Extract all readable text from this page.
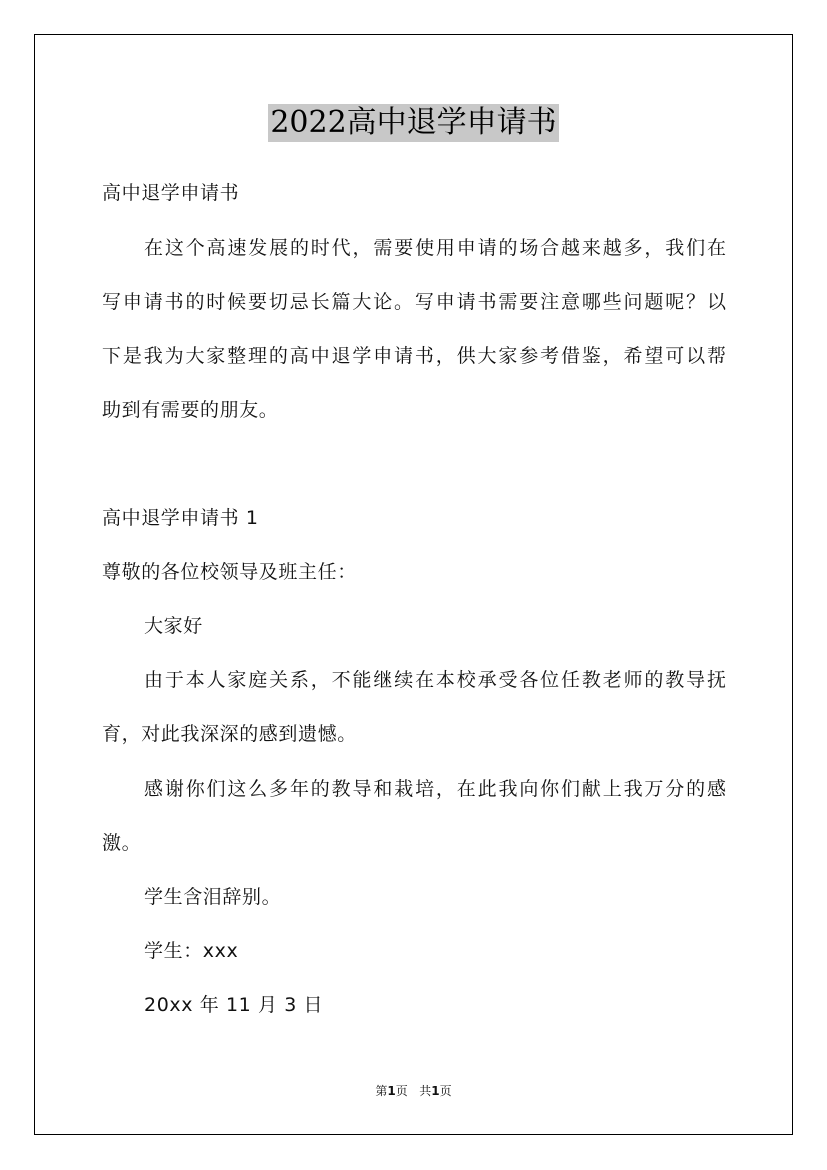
2022高中退学申请书
高中退学申请书
在这个高速发展的时代，需要使用申请的场合越来越多，我们在
写申请书的时候要切忌长篇大论。写申请书需要注意哪些问题呢？以
下是我为大家整理的高中退学申请书，供大家参考借鉴，希望可以帮
助到有需要的朋友。
高中退学申请书 1
尊敬的各位校领导及班主任：
大家好
由于本人家庭关系，不能继续在本校承受各位任教老师的教导抚
育，对此我深深的感到遗憾。
感谢你们这么多年的教导和栽培，在此我向你们献上我万分的感
激。
学生含泪辞别。
学生：xxx
20xx 年 11 月 3 日
第1页 共1页
